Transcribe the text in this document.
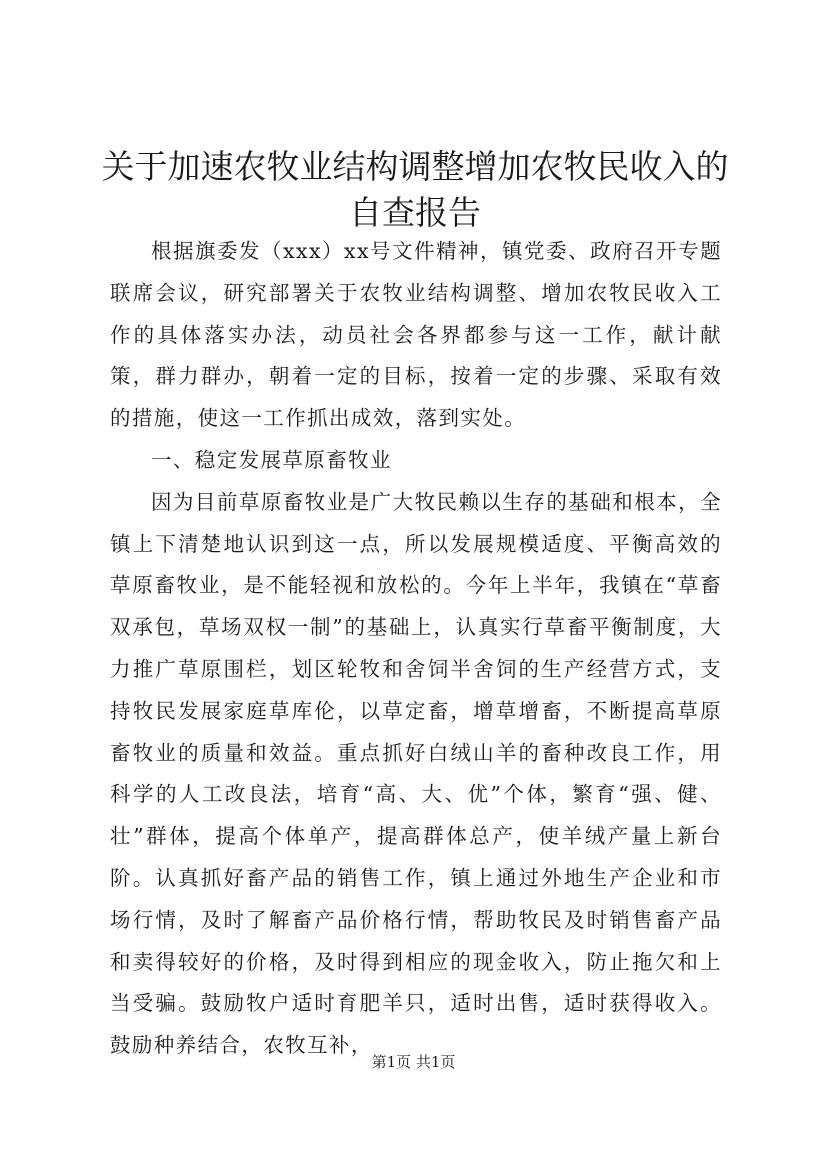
关于加速农牧业结构调整增加农牧民收入的自查报告

根据旗委发（xxx）xx号文件精神，镇党委、政府召开专题联席会议，研究部署关于农牧业结构调整、增加农牧民收入工作的具体落实办法，动员社会各界都参与这一工作，献计献策，群力群办，朝着一定的目标，按着一定的步骤、采取有效的措施，使这一工作抓出成效，落到实处。

一、稳定发展草原畜牧业

因为目前草原畜牧业是广大牧民赖以生存的基础和根本，全镇上下清楚地认识到这一点，所以发展规模适度、平衡高效的草原畜牧业，是不能轻视和放松的。今年上半年，我镇在“草畜双承包，草场双权一制”的基础上，认真实行草畜平衡制度，大力推广草原围栏，划区轮牧和舍饲半舍饲的生产经营方式，支持牧民发展家庭草库伦，以草定畜，增草增畜，不断提高草原畜牧业的质量和效益。重点抓好白绒山羊的畜种改良工作，用科学的人工改良法，培育“高、大、优”个体，繁育“强、健、壮”群体，提高个体单产，提高群体总产，使羊绒产量上新台阶。认真抓好畜产品的销售工作，镇上通过外地生产企业和市场行情，及时了解畜产品价格行情，帮助牧民及时销售畜产品和卖得较好的价格，及时得到相应的现金收入，防止拖欠和上当受骗。鼓励牧户适时育肥羊只，适时出售，适时获得收入。鼓励种养结合，农牧互补，

第1页 共1页
